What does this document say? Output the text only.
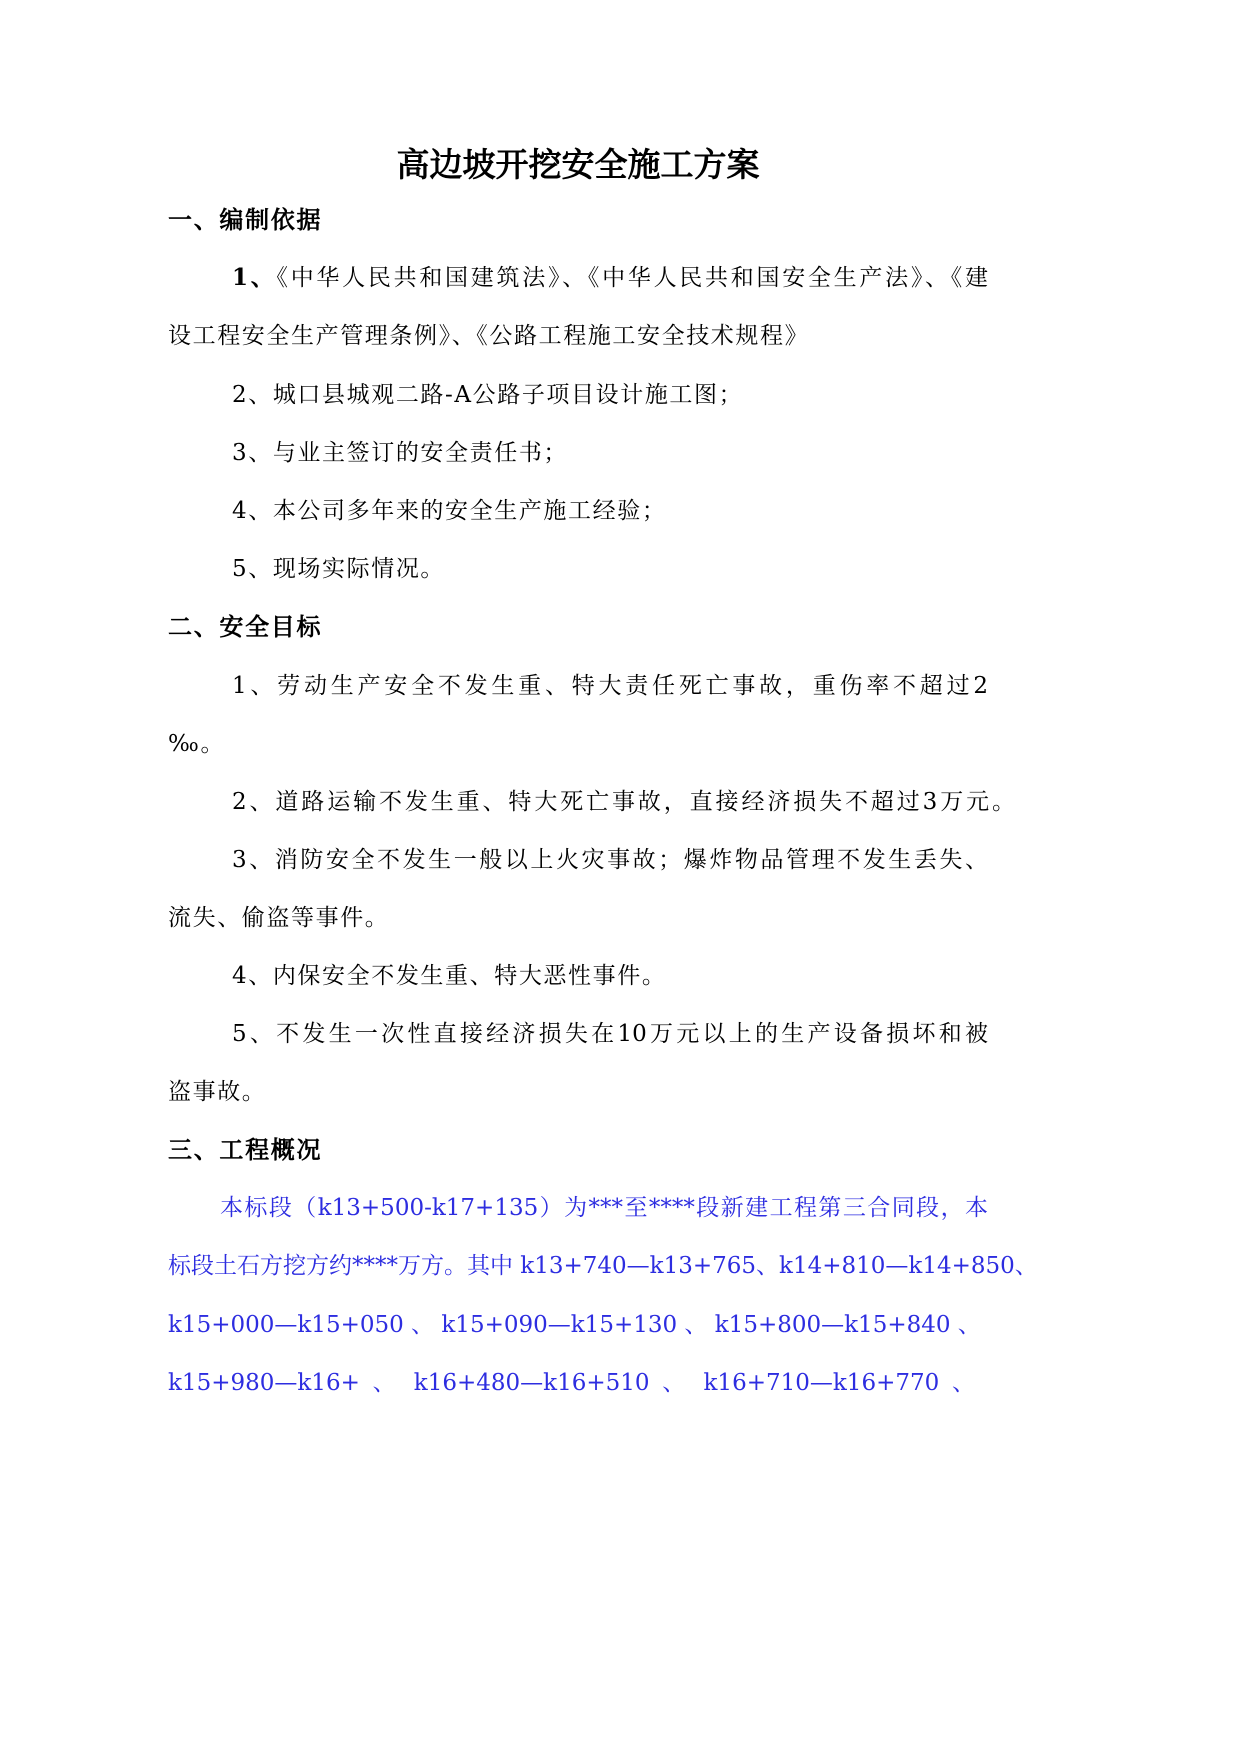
高边坡开挖安全施工方案
一、编制依据
1、《中华人民共和国建筑法》、《中华人民共和国安全生产法》、《建
设工程安全生产管理条例》、《公路工程施工安全技术规程》
2、城口县城观二路-A公路子项目设计施工图；
3、与业主签订的安全责任书；
4、本公司多年来的安全生产施工经验；
5、现场实际情况。
二、安全目标
1、劳动生产安全不发生重、特大责任死亡事故，重伤率不超过2
‰。
2、道路运输不发生重、特大死亡事故，直接经济损失不超过3万元。
3、消防安全不发生一般以上火灾事故；爆炸物品管理不发生丢失、
流失、偷盗等事件。
4、内保安全不发生重、特大恶性事件。
5、不发生一次性直接经济损失在10万元以上的生产设备损坏和被
盗事故。
三、工程概况
本标段（k13+500-k17+135）为***至****段新建工程第三合同段，本
标段土石方挖方约****万方。其中 k13+740—k13+765、k14+810—k14+850、
k15+000—k15+050 、 k15+090—k15+130 、 k15+800—k15+840 、
k15+980—k16+ 、 k16+480—k16+510 、 k16+710—k16+770 、
